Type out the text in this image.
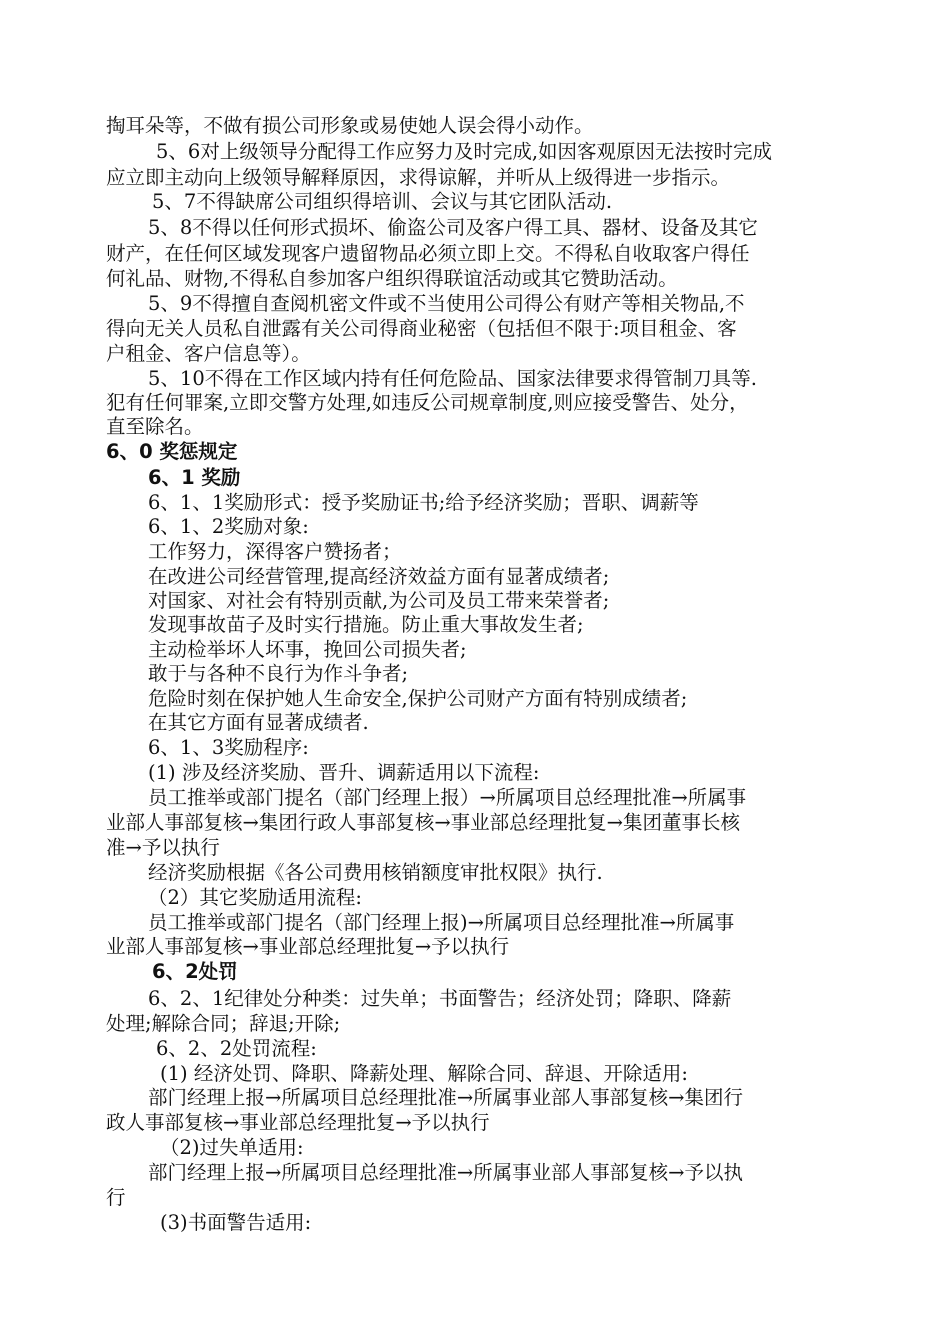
掏耳朵等，不做有损公司形象或易使她人误会得小动作。
5、6对上级领导分配得工作应努力及时完成,如因客观原因无法按时完成
应立即主动向上级领导解释原因，求得谅解，并听从上级得进一步指示。
5、7不得缺席公司组织得培训、会议与其它团队活动.
5、8不得以任何形式损坏、偷盗公司及客户得工具、器材、设备及其它
财产，在任何区域发现客户遗留物品必须立即上交。不得私自收取客户得任
何礼品、财物,不得私自参加客户组织得联谊活动或其它赞助活动。
5、9不得擅自查阅机密文件或不当使用公司得公有财产等相关物品,不
得向无关人员私自泄露有关公司得商业秘密（包括但不限于:项目租金、客
户租金、客户信息等）。
5、10不得在工作区域内持有任何危险品、国家法律要求得管制刀具等.
犯有任何罪案,立即交警方处理,如违反公司规章制度,则应接受警告、处分，
直至除名。
6、0 奖惩规定
6、1 奖励
6、1、1奖励形式：授予奖励证书;给予经济奖励；晋职、调薪等
6、1、2奖励对象:
工作努力，深得客户赞扬者；
在改进公司经营管理,提高经济效益方面有显著成绩者;
对国家、对社会有特别贡献,为公司及员工带来荣誉者;
发现事故苗子及时实行措施。防止重大事故发生者;
主动检举坏人坏事，挽回公司损失者;
敢于与各种不良行为作斗争者;
危险时刻在保护她人生命安全,保护公司财产方面有特别成绩者;
在其它方面有显著成绩者.
6、1、3奖励程序:
(1) 涉及经济奖励、晋升、调薪适用以下流程:
员工推举或部门提名（部门经理上报）→所属项目总经理批准→所属事
业部人事部复核→集团行政人事部复核→事业部总经理批复→集团董事长核
准→予以执行
经济奖励根据《各公司费用核销额度审批权限》执行.
（2）其它奖励适用流程:
员工推举或部门提名（部门经理上报)→所属项目总经理批准→所属事
业部人事部复核→事业部总经理批复→予以执行
6、2处罚
6、2、1纪律处分种类：过失单；书面警告；经济处罚；降职、降薪
处理;解除合同；辞退;开除;
6、2、2处罚流程:
(1) 经济处罚、降职、降薪处理、解除合同、辞退、开除适用:
部门经理上报→所属项目总经理批准→所属事业部人事部复核→集团行
政人事部复核→事业部总经理批复→予以执行
（2)过失单适用:
部门经理上报→所属项目总经理批准→所属事业部人事部复核→予以执
行
(3)书面警告适用:
